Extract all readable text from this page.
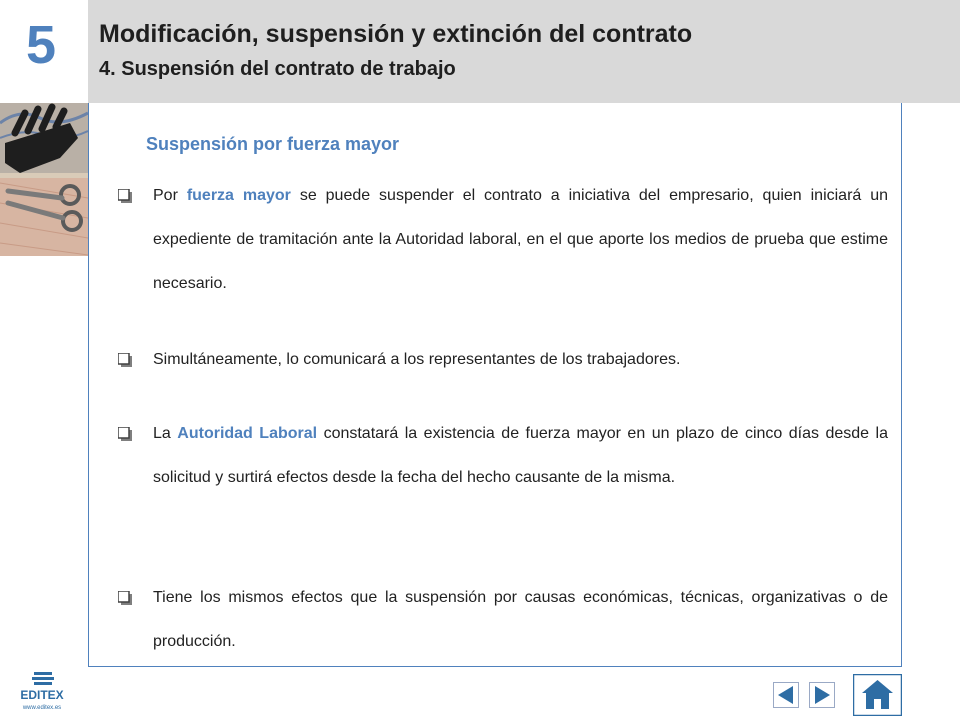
5 Modificación, suspensión y extinción del contrato
4. Suspensión del contrato de trabajo
Suspensión por fuerza mayor
Por fuerza mayor se puede suspender el contrato a iniciativa del empresario, quien iniciará un expediente de tramitación ante la Autoridad laboral, en el que aporte los medios de prueba que estime necesario.
Simultáneamente, lo comunicará a los representantes de los trabajadores.
La Autoridad Laboral constatará la existencia de fuerza mayor en un plazo de cinco días desde la solicitud y surtirá efectos desde la fecha del hecho causante de la misma.
Tiene los mismos efectos que la suspensión por causas económicas, técnicas, organizativas o de producción.
EDITEX
www.editex.es
